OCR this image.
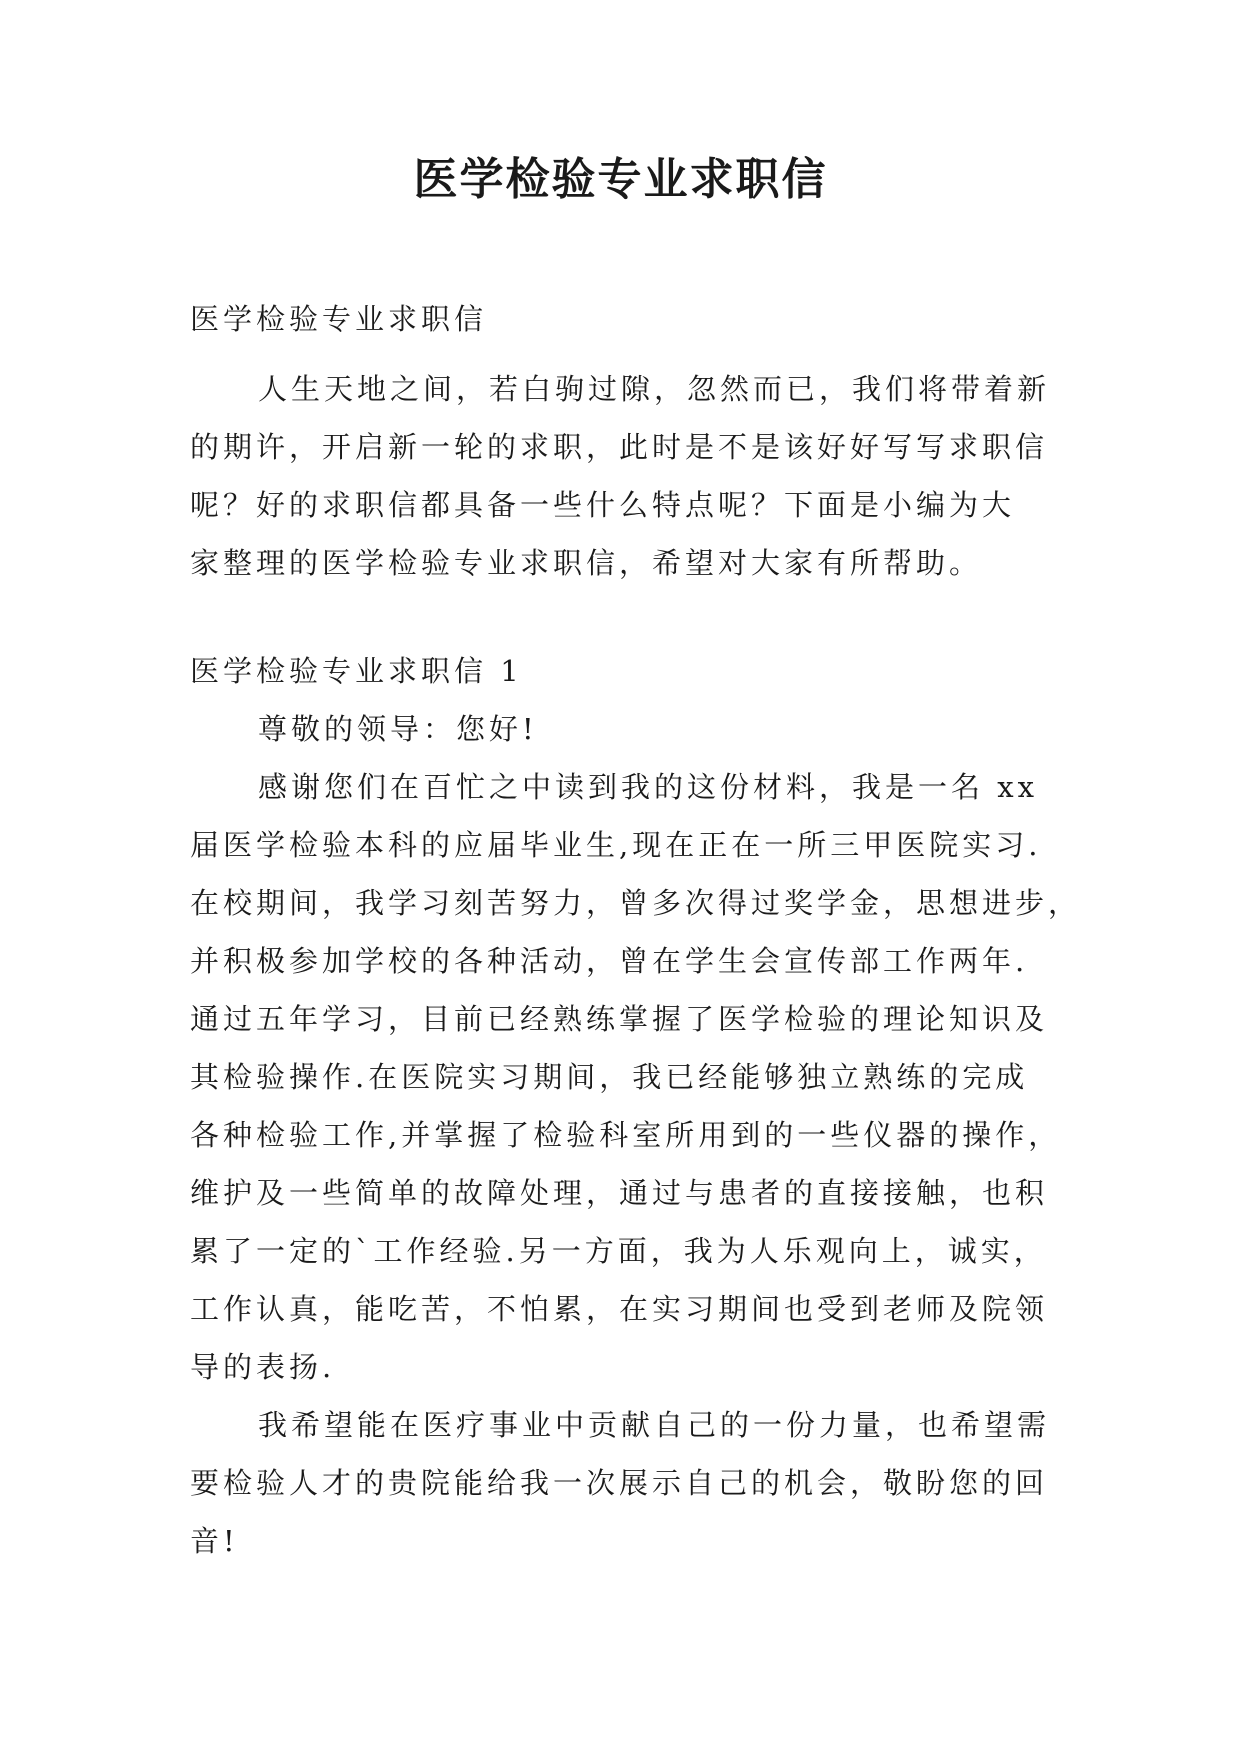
医学检验专业求职信

医学检验专业求职信

人生天地之间，若白驹过隙，忽然而已，我们将带着新

的期许，开启新一轮的求职，此时是不是该好好写写求职信

呢？好的求职信都具备一些什么特点呢？下面是小编为大

家整理的医学检验专业求职信，希望对大家有所帮助。

医学检验专业求职信 1

尊敬的领导：您好!

感谢您们在百忙之中读到我的这份材料，我是一名 xx

届医学检验本科的应届毕业生,现在正在一所三甲医院实习.

在校期间，我学习刻苦努力，曾多次得过奖学金，思想进步，

并积极参加学校的各种活动，曾在学生会宣传部工作两年.

通过五年学习，目前已经熟练掌握了医学检验的理论知识及

其检验操作.在医院实习期间，我已经能够独立熟练的完成

各种检验工作,并掌握了检验科室所用到的一些仪器的操作，

维护及一些简单的故障处理，通过与患者的直接接触，也积

累了一定的`工作经验.另一方面，我为人乐观向上，诚实，

工作认真，能吃苦，不怕累，在实习期间也受到老师及院领

导的表扬.

我希望能在医疗事业中贡献自己的一份力量，也希望需

要检验人才的贵院能给我一次展示自己的机会，敬盼您的回

音!
